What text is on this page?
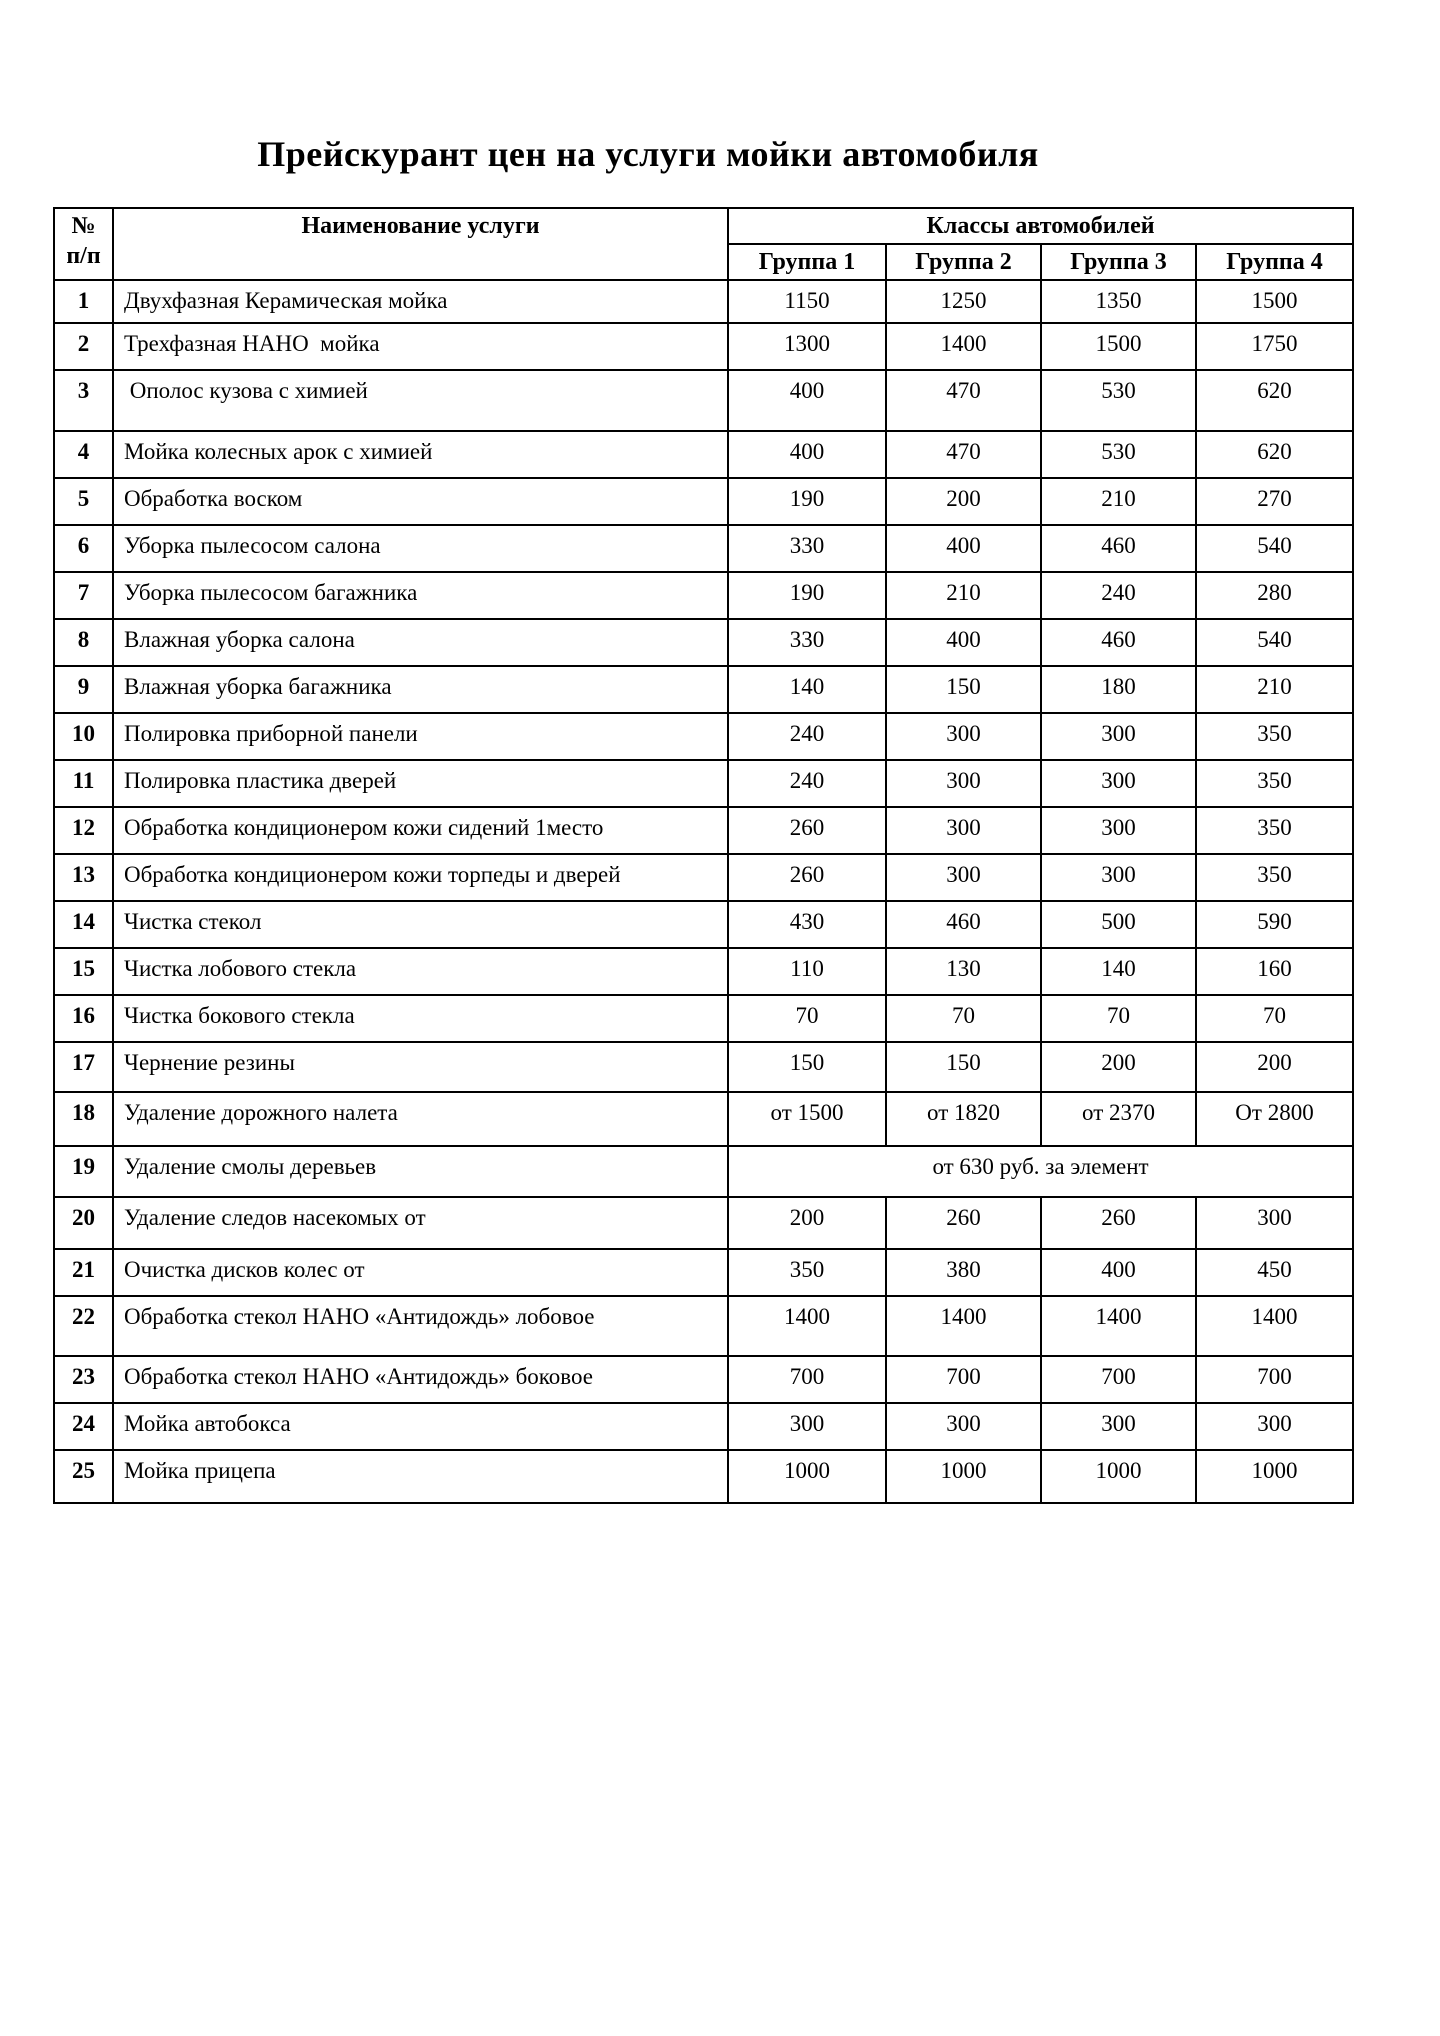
Прейскурант цен на услуги мойки автомобиля
№
п/п	Наименование услуги	Классы автомобилей			
		Группа 1	Группа 2	Группа 3	Группа 4
1	Двухфазная Керамическая мойка	1150	1250	1350	1500
2	Трехфазная НАНО  мойка	1300	1400	1500	1750
3	Ополос кузова с химией	400	470	530	620
4	Мойка колесных арок с химией	400	470	530	620
5	Обработка воском	190	200	210	270
6	Уборка пылесосом салона	330	400	460	540
7	Уборка пылесосом багажника	190	210	240	280
8	Влажная уборка салона	330	400	460	540
9	Влажная уборка багажника	140	150	180	210
10	Полировка приборной панели	240	300	300	350
11	Полировка пластика дверей	240	300	300	350
12	Обработка кондиционером кожи сидений 1место	260	300	300	350
13	Обработка кондиционером кожи торпеды и дверей	260	300	300	350
14	Чистка стекол	430	460	500	590
15	Чистка лобового стекла	110	130	140	160
16	Чистка бокового стекла	70	70	70	70
17	Чернение резины	150	150	200	200
18	Удаление дорожного налета	от 1500	от 1820	от 2370	От 2800
19	Удаление смолы деревьев	от 630 руб. за элемент			
20	Удаление следов насекомых от	200	260	260	300
21	Очистка дисков колес от	350	380	400	450
22	Обработка стекол НАНО «Антидождь» лобовое	1400	1400	1400	1400
23	Обработка стекол НАНО «Антидождь» боковое	700	700	700	700
24	Мойка автобокса	300	300	300	300
25	Мойка прицепа	1000	1000	1000	1000
